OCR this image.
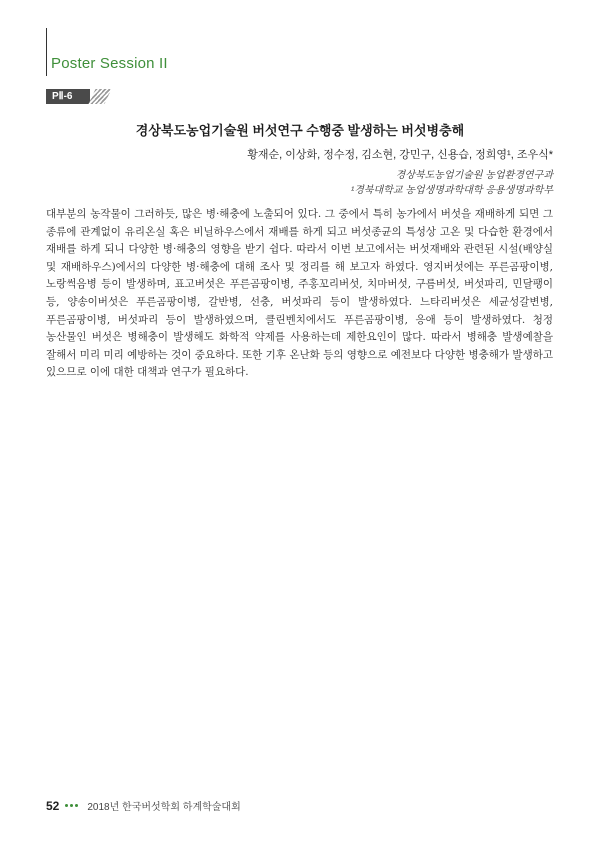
Poster Session II
PⅡ-6
경상북도농업기술원 버섯연구 수행중 발생하는 버섯병충해
황재순, 이상화, 정수정, 김소현, 강민구, 신용습, 정희영¹, 조우식*
경상북도농업기술원 농업환경연구과
¹경북대학교 농업생명과학대학 응용생명과학부

대부분의 농작물이 그러하듯, 많은 병·해충에 노출되어 있다. 그 중에서 특히 농가에서 버섯을 재배하게 되면 그 종류에 관계없이 유리온실 혹은 비닐하우스에서 재배를 하게 되고 버섯종균의 특성상 고온 및 다습한 환경에서 재배를 하게 되니 다양한 병·해충의 영향을 받기 쉽다. 따라서 이번 보고에서는 버섯재배와 관련된 시설(배양실 및 재배하우스)에서의 다양한 병·해충에 대해 조사 및 정리를 해 보고자 하였다. 영지버섯에는 푸른곰팡이병, 노랑썩음병 등이 발생하며, 표고버섯은 푸른곰팡이병, 주홍꼬리버섯, 치마버섯, 구름버섯, 버섯파리, 민달팽이 등, 양송이버섯은 푸른곰팡이병, 갈반병, 선충, 버섯파리 등이 발생하였다. 느타리버섯은 세균성갈변병, 푸른곰팡이병, 버섯파리 등이 발생하였으며, 클린벤치에서도 푸른곰팡이병, 응애 등이 발생하였다. 청정 농산물인 버섯은 병해충이 발생해도 화학적 약제를 사용하는데 제한요인이 많다. 따라서 병해충 발생예찰을 잘해서 미리 미리 예방하는 것이 중요하다. 또한 기후 온난화 등의 영향으로 예전보다 다양한 병충해가 발생하고 있으므로 이에 대한 대책과 연구가 필요하다.

52	2018년 한국버섯학회 하계학술대회
